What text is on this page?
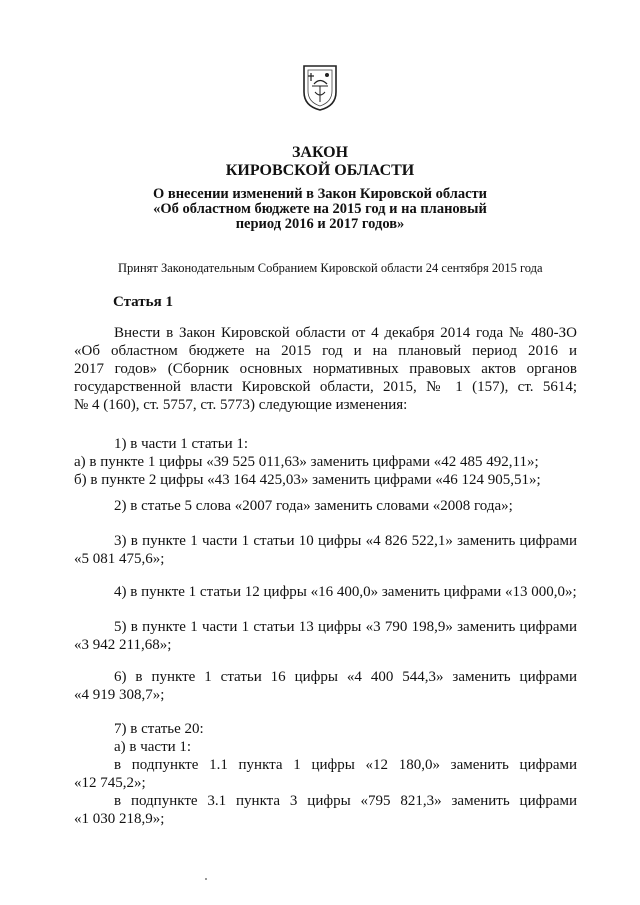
ЗАКОН
КИРОВСКОЙ ОБЛАСТИ
О внесении изменений в Закон Кировской области
«Об областном бюджете на 2015 год и на плановый
период 2016 и 2017 годов»
Принят Законодательным Собранием Кировской области 24 сентября 2015 года
Статья 1
Внести в Закон Кировской области от 4 декабря 2014 года № 480-ЗО
«Об областном бюджете на 2015 год и на плановый период 2016 и
2017 годов» (Сборник основных нормативных правовых актов органов
государственной власти Кировской области, 2015, № 1 (157), ст. 5614;
№ 4 (160), ст. 5757, ст. 5773) следующие изменения:
1) в части 1 статьи 1:
а) в пункте 1 цифры «39 525 011,63» заменить цифрами «42 485 492,11»;
б) в пункте 2 цифры «43 164 425,03» заменить цифрами «46 124 905,51»;
2) в статье 5 слова «2007 года» заменить словами «2008 года»;
3) в пункте 1 части 1 статьи 10 цифры «4 826 522,1» заменить цифрами
«5 081 475,6»;
4) в пункте 1 статьи 12 цифры «16 400,0» заменить цифрами «13 000,0»;
5) в пункте 1 части 1 статьи 13 цифры «3 790 198,9» заменить цифрами
«3 942 211,68»;
6) в пункте 1 статьи 16 цифры «4 400 544,3» заменить цифрами
«4 919 308,7»;
7) в статье 20:
а) в части 1:
в подпункте 1.1 пункта 1 цифры «12 180,0» заменить цифрами
«12 745,2»;
в подпункте 3.1 пункта 3 цифры «795 821,3» заменить цифрами
«1 030 218,9»;
